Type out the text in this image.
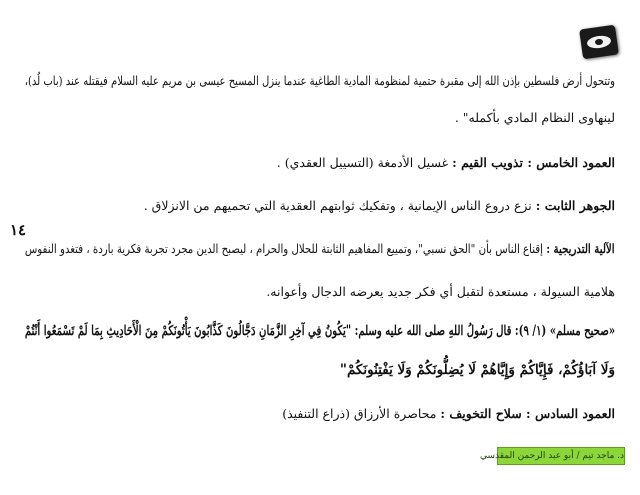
وتتحول أرض فلسطين بإذن الله إلى مقبرة حتمية لمنظومة المادية الطاغية عندما ينزل المسيح عيسى بن مريم عليه السلام فيقتله عند (باب لُد)،
لينهاوى النظام المادي بأكمله" .
العمود الخامس : تذويب القيم : غسيل الأدمغة (التسييل العقدي) .
الجوهر الثابت : نزع دروع الناس الإيمانية ، وتفكيك ثوابتهم العقدية التي تحميهم من الانزلاق .
١٤
الآلية التدريجية : إقناع الناس بأن "الحق نسبي"، وتمييع المفاهيم الثابتة للحلال والحرام ، ليصبح الدين مجرد تجربة فكرية باردة ، فتغدو النفوس
هلامية السيولة ، مستعدة لتقبل أي فكر جديد يعرضه الدجال وأعوانه.
«صحيح مسلم» (١/ ٩): قال رَسُولُ اللهِ صلى الله عليه وسلم: "يَكُونُ فِي آخِرِ الزَّمَانِ دَجَّالُونَ كَذَّابُونَ يَأْتُونَكُمْ مِنَ الْأَحَادِيثِ بِمَا لَمْ تَسْمَعُوا أَنْتُمْ
وَلَا آبَاؤُكُمْ، فَإِيَّاكُمْ وَإِيَّاهُمْ لَا يُضِلُّونَكُمْ وَلَا يَفْتِنُونَكُمْ"
العمود السادس : سلاح التخويف : محاصرة الأرزاق (ذراع التنفيذ)
د. ماجد تيم / أبو عبد الرحمن المقدسي
